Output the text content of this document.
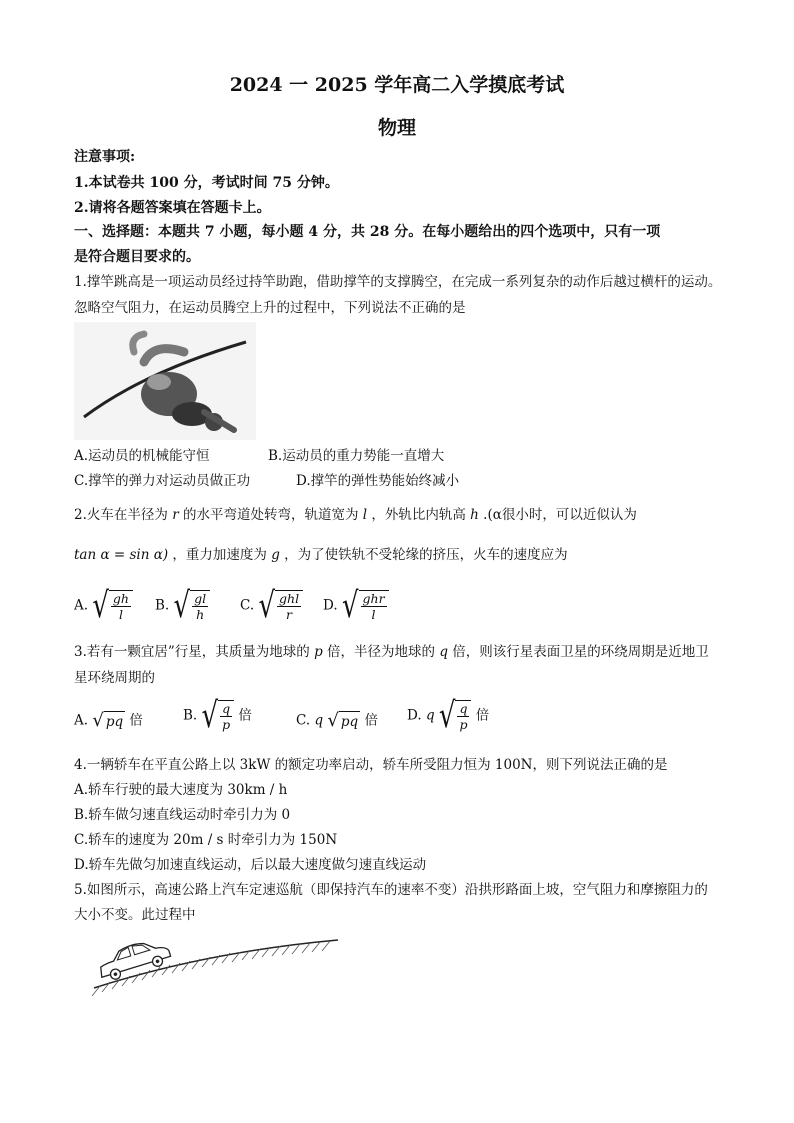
2024 一 2025 学年高二入学摸底考试
物理
注意事项:
1.本试卷共 100 分，考试时间 75 分钟。
2.请将各题答案填在答题卡上。
一、选择题：本题共 7 小题，每小题 4 分，共 28 分。在每小题给出的四个选项中，只有一项
是符合题目要求的。
1.撑竿跳高是一项运动员经过持竿助跑，借助撑竿的支撑腾空，在完成一系列复杂的动作后越过横杆的运动。
忽略空气阻力，在运动员腾空上升的过程中，下列说法不正确的是
A.运动员的机械能守恒	B.运动员的重力势能一直增大
C.撑竿的弹力对运动员做正功	D.撑竿的弹性势能始终减小
2.火车在半径为 r 的水平弯道处转弯，轨道宽为 l ，外轨比内轨高 h .(α很小时，可以近似认为
tan α = sin α) ，重力加速度为 g ，为了使铁轨不受轮缘的挤压，火车的速度应为
A. √ $\frac{gh}{l} B$. √ $\frac{gl}{h} C$. √ $\frac{\text{ghl}}{r} D$. √ $\frac{\text{ghr}}{l}$
3.若有一颗宜居”行星，其质量为地球的 p 倍，半径为地球的 q 倍，则该行星表面卫星的环绕周期是近地卫
星环绕周期的
A. √ pq 倍	B. √ $\frac{q}{p}$ 倍	C. q √ pq 倍 D. q √ $\frac{q}{p}$ 倍
4.一辆轿车在平直公路上以 3kW 的额定功率启动，轿车所受阻力恒为 100N，则下列说法正确的是
A.轿车行驶的最大速度为 30km / h
B.轿车做匀速直线运动时牵引力为 0
C.轿车的速度为 20m / s 时牵引力为 150N
D.轿车先做匀加速直线运动，后以最大速度做匀速直线运动
5.如图所示，高速公路上汽车定速巡航（即保持汽车的速率不变）沿拱形路面上坡，空气阻力和摩擦阻力的
大小不变。此过程中
